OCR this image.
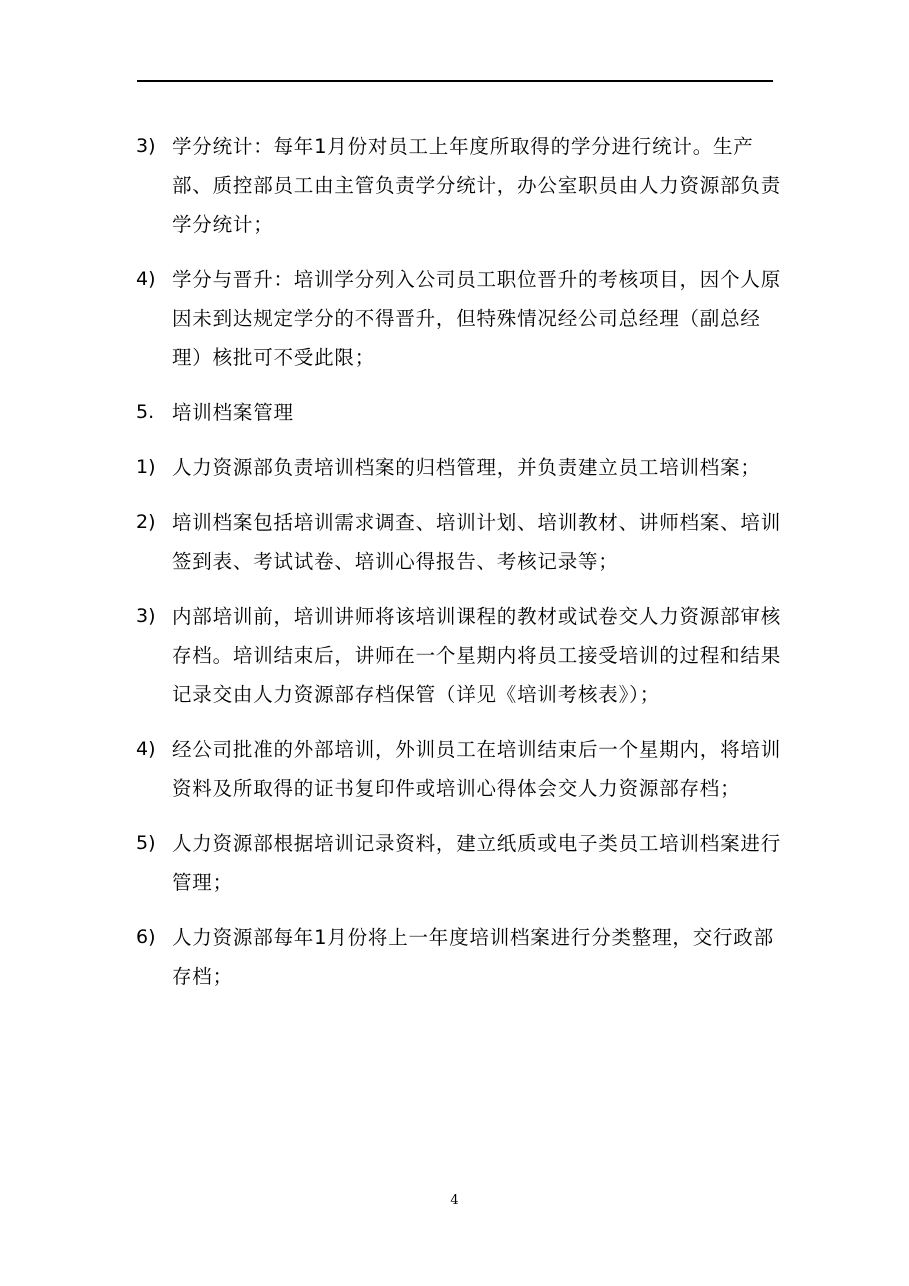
3) 学分统计：每年1月份对员工上年度所取得的学分进行统计。生产部、质控部员工由主管负责学分统计，办公室职员由人力资源部负责学分统计；
4) 学分与晋升：培训学分列入公司员工职位晋升的考核项目，因个人原因未到达规定学分的不得晋升，但特殊情况经公司总经理（副总经理）核批可不受此限；
5. 培训档案管理
1) 人力资源部负责培训档案的归档管理，并负责建立员工培训档案；
2) 培训档案包括培训需求调查、培训计划、培训教材、讲师档案、培训签到表、考试试卷、培训心得报告、考核记录等；
3) 内部培训前，培训讲师将该培训课程的教材或试卷交人力资源部审核存档。培训结束后，讲师在一个星期内将员工接受培训的过程和结果记录交由人力资源部存档保管（详见《培训考核表》）；
4) 经公司批准的外部培训，外训员工在培训结束后一个星期内，将培训资料及所取得的证书复印件或培训心得体会交人力资源部存档；
5) 人力资源部根据培训记录资料，建立纸质或电子类员工培训档案进行管理；
6) 人力资源部每年1月份将上一年度培训档案进行分类整理，交行政部存档；
4
